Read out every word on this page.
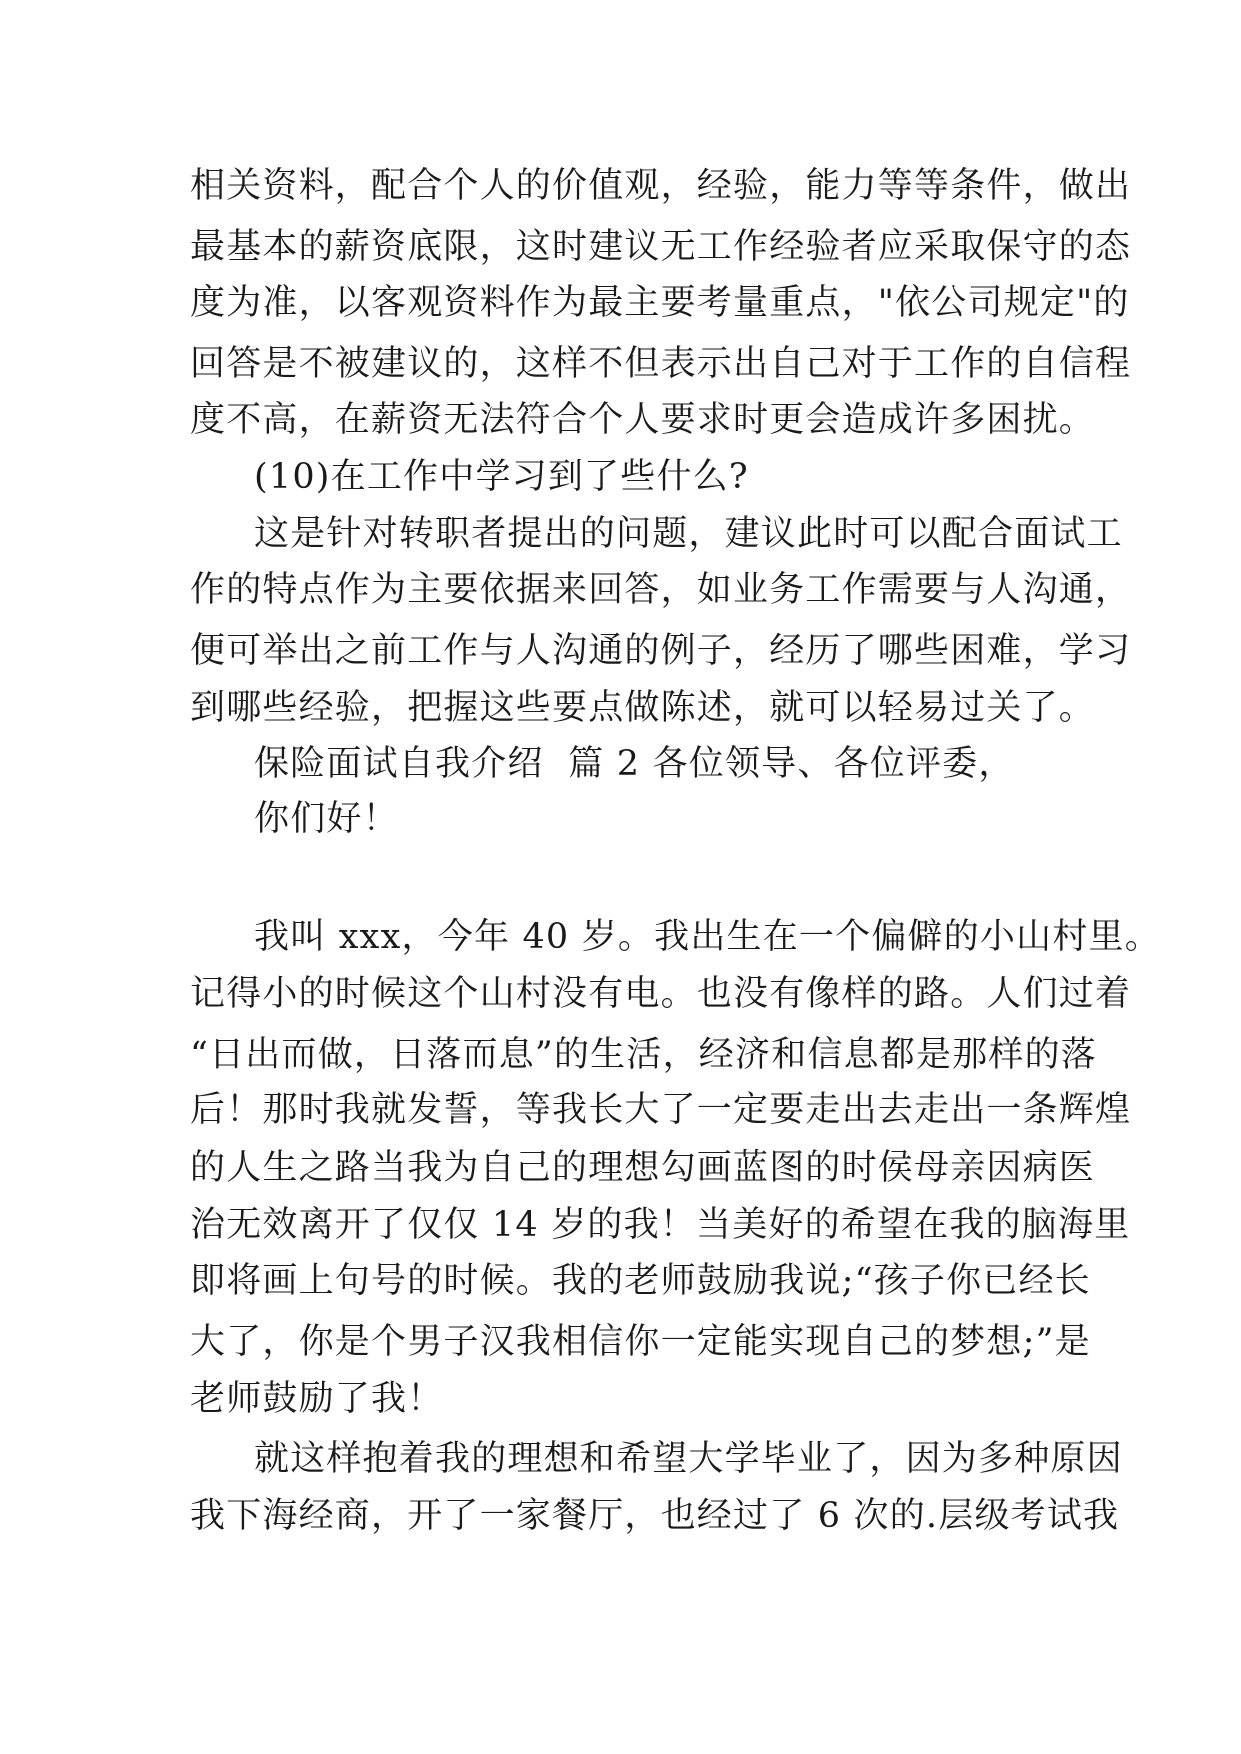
相关资料，配合个人的价值观，经验，能力等等条件，做出
最基本的薪资底限，这时建议无工作经验者应采取保守的态
度为准，以客观资料作为最主要考量重点，"依公司规定"的
回答是不被建议的，这样不但表示出自己对于工作的自信程
度不高，在薪资无法符合个人要求时更会造成许多困扰。
(10)在工作中学习到了些什么?
这是针对转职者提出的问题，建议此时可以配合面试工
作的特点作为主要依据来回答，如业务工作需要与人沟通，
便可举出之前工作与人沟通的例子，经历了哪些困难，学习
到哪些经验，把握这些要点做陈述，就可以轻易过关了。
保险面试自我介绍  篇 2 各位领导、各位评委，
你们好！
我叫 xxx，今年 40 岁。我出生在一个偏僻的小山村里。
记得小的时候这个山村没有电。也没有像样的路。人们过着
“日出而做，日落而息”的生活，经济和信息都是那样的落
后！那时我就发誓，等我长大了一定要走出去走出一条辉煌
的人生之路当我为自己的理想勾画蓝图的时侯母亲因病医
治无效离开了仅仅 14 岁的我！当美好的希望在我的脑海里
即将画上句号的时候。我的老师鼓励我说;“孩子你已经长
大了，你是个男子汉我相信你一定能实现自己的梦想;”是
老师鼓励了我！
就这样抱着我的理想和希望大学毕业了，因为多种原因
我下海经商，开了一家餐厅，也经过了 6 次的.层级考试我
